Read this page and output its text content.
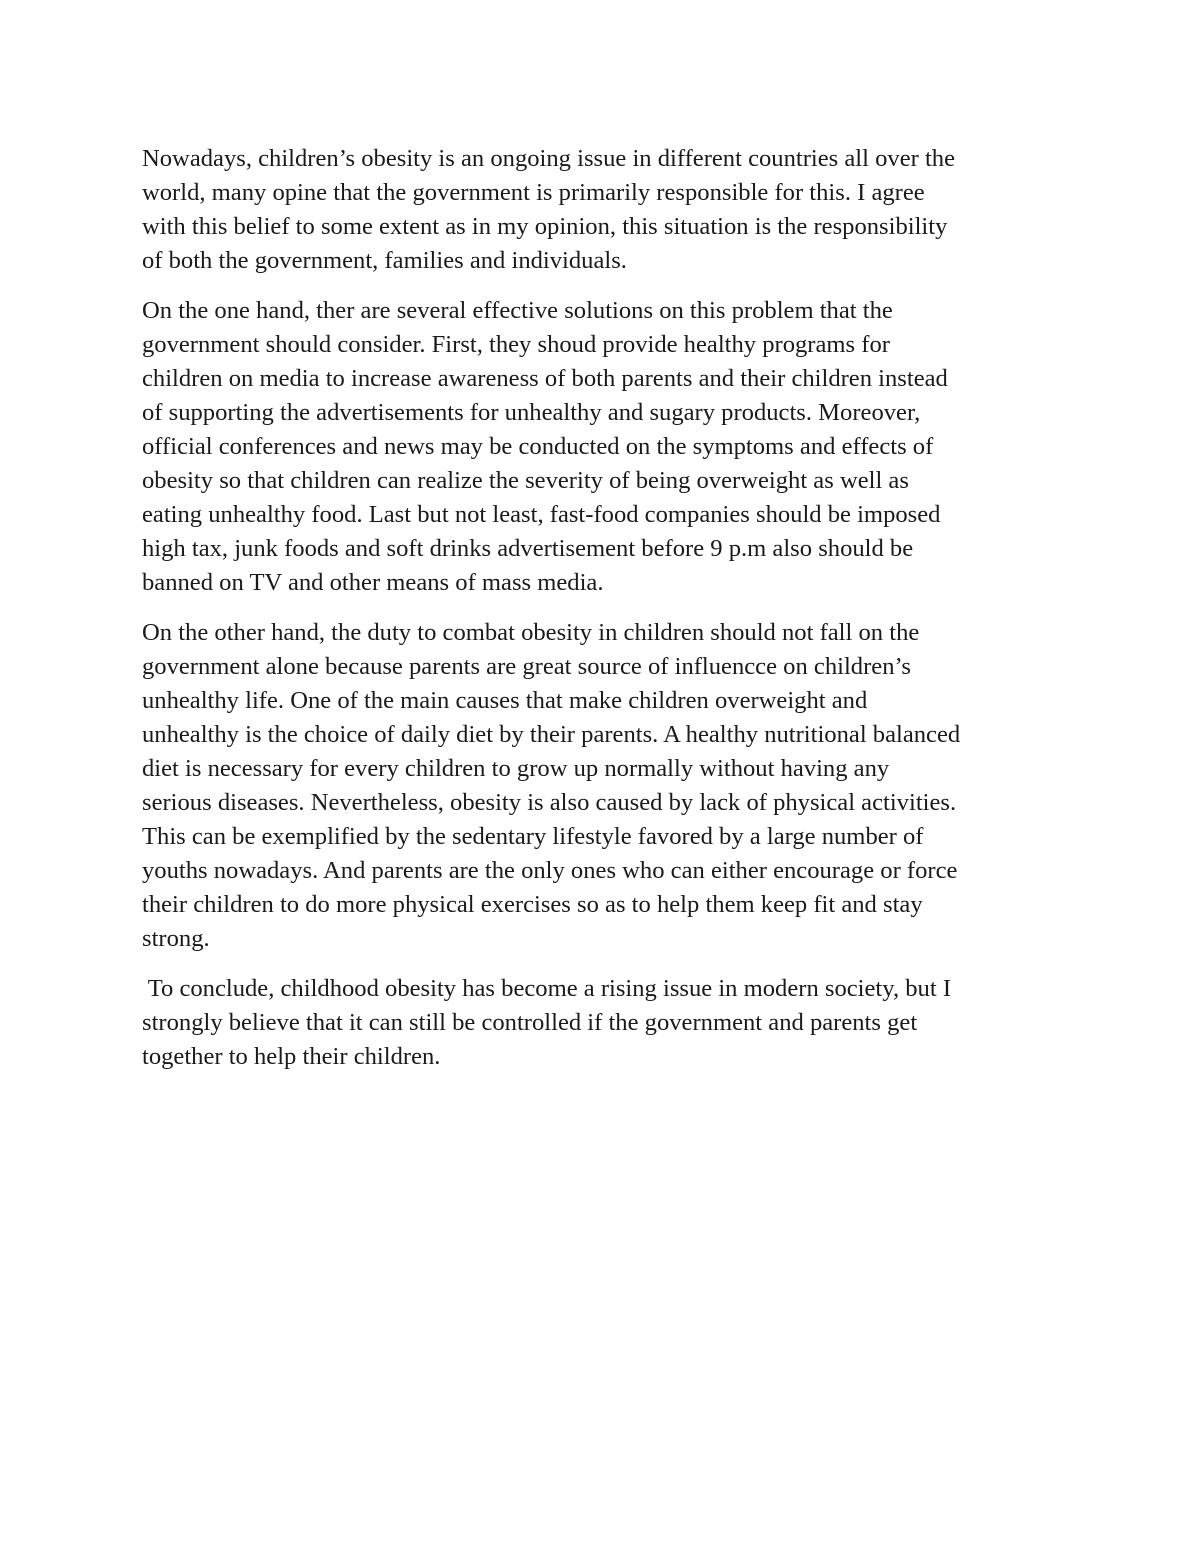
Nowadays, children’s obesity is an ongoing issue in different countries all over the
world, many opine that the government is primarily responsible for this. I agree
with this belief to some extent as in my opinion, this situation is the responsibility
of both the government, families and individuals.

On the one hand, ther are several effective solutions on this problem that the
government should consider. First, they shoud provide healthy programs for
children on media to increase awareness of both parents and their children instead
of supporting the advertisements for unhealthy and sugary products. Moreover,
official conferences and news may be conducted on the symptoms and effects of
obesity so that children can realize the severity of being overweight as well as
eating unhealthy food. Last but not least, fast-food companies should be imposed
high tax, junk foods and soft drinks advertisement before 9 p.m also should be
banned on TV and other means of mass media.

On the other hand, the duty to combat obesity in children should not fall on the
government alone because parents are great source of influencce on children’s
unhealthy life. One of the main causes that make children overweight and
unhealthy is the choice of daily diet by their parents. A healthy nutritional balanced
diet is necessary for every children to grow up normally without having any
serious diseases. Nevertheless, obesity is also caused by lack of physical activities.
This can be exemplified by the sedentary lifestyle favored by a large number of
youths nowadays. And parents are the only ones who can either encourage or force
their children to do more physical exercises so as to help them keep fit and stay
strong.

To conclude, childhood obesity has become a rising issue in modern society, but I
strongly believe that it can still be controlled if the government and parents get
together to help their children.
